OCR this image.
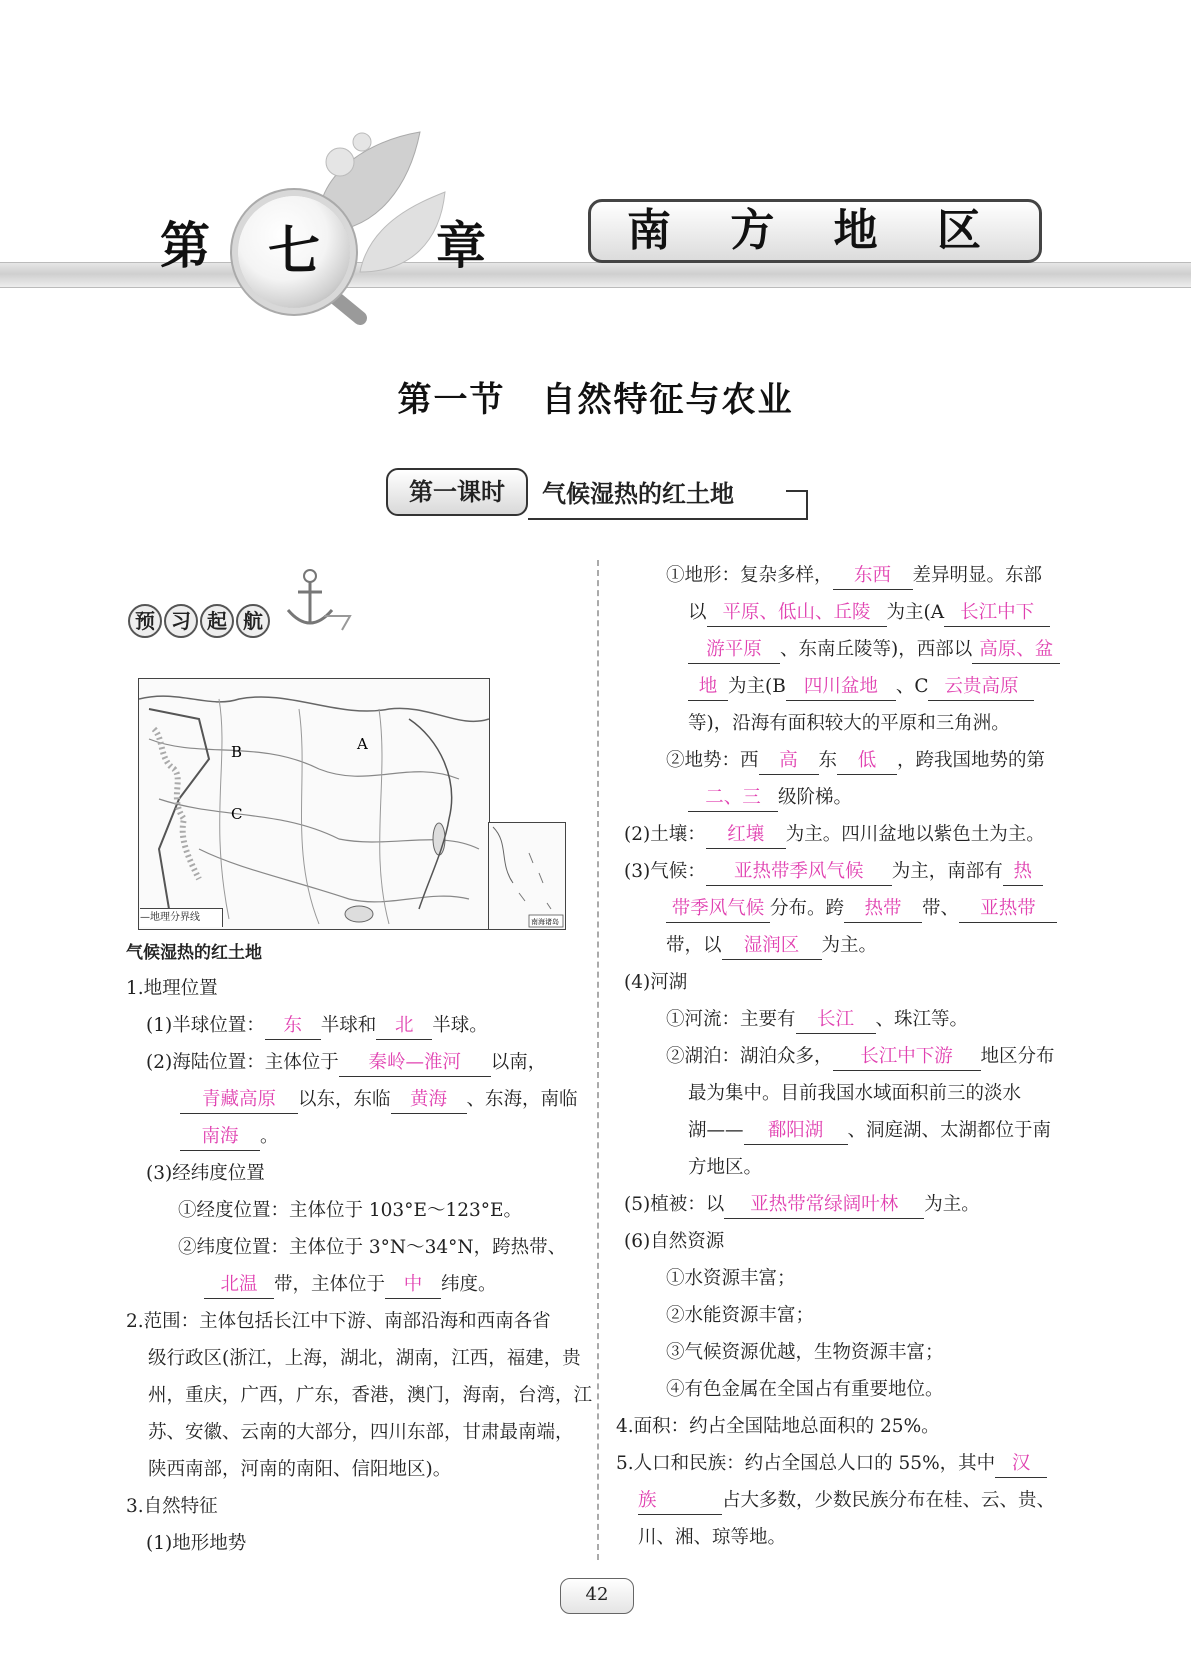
第	七	章	南 方 地 区
第一节　自然特征与农业
第一课时	气候湿热的红土地
预 习 起 航
B	A
C
南海诸岛
—地理分界线
气候湿热的红土地
1.地理位置
(1)半球位置： 东 半球和 北 半球。
(2)海陆位置：主体位于 秦岭—淮河 以南，
青藏高原 以东，东临 黄海 、东海，南临
南海 。
(3)经纬度位置
①经度位置：主体位于 103°E～123°E。
②纬度位置：主体位于 3°N～34°N，跨热带、
北温 带，主体位于 中 纬度。
2.范围：主体包括长江中下游、南部沿海和西南各省
级行政区(浙江，上海，湖北，湖南，江西，福建，贵
州，重庆，广西，广东，香港，澳门，海南，台湾，江
苏、安徽、云南的大部分，四川东部，甘肃最南端，
陕西南部，河南的南阳、信阳地区)。
3.自然特征
(1)地形地势
①地形：复杂多样， 东西 差异明显。东部
以 平原、低山、丘陵 为主(A 长江中下
游平原 、东南丘陵等)，西部以 高原、盆
地 为主(B 四川盆地 、C 云贵高原
等)，沿海有面积较大的平原和三角洲。
②地势：西 高 东 低 ，跨我国地势的第
二、三 级阶梯。
(2)土壤： 红壤 为主。四川盆地以紫色土为主。
(3)气候： 亚热带季风气候 为主，南部有 热
带季风气候 分布。跨 热带 带、 亚热带
带，以 湿润区 为主。
(4)河湖
①河流：主要有 长江 、珠江等。
②湖泊：湖泊众多， 长江中下游 地区分布
最为集中。目前我国水域面积前三的淡水
湖—— 鄱阳湖 、洞庭湖、太湖都位于南
方地区。
(5)植被：以 亚热带常绿阔叶林 为主。
(6)自然资源
①水资源丰富；
②水能资源丰富；
③气候资源优越，生物资源丰富；
④有色金属在全国占有重要地位。
4.面积：约占全国陆地总面积的 25%。
5.人口和民族：约占全国总人口的 55%，其中 汉
族	占大多数，少数民族分布在桂、云、贵、
川、湘、琼等地。
42
